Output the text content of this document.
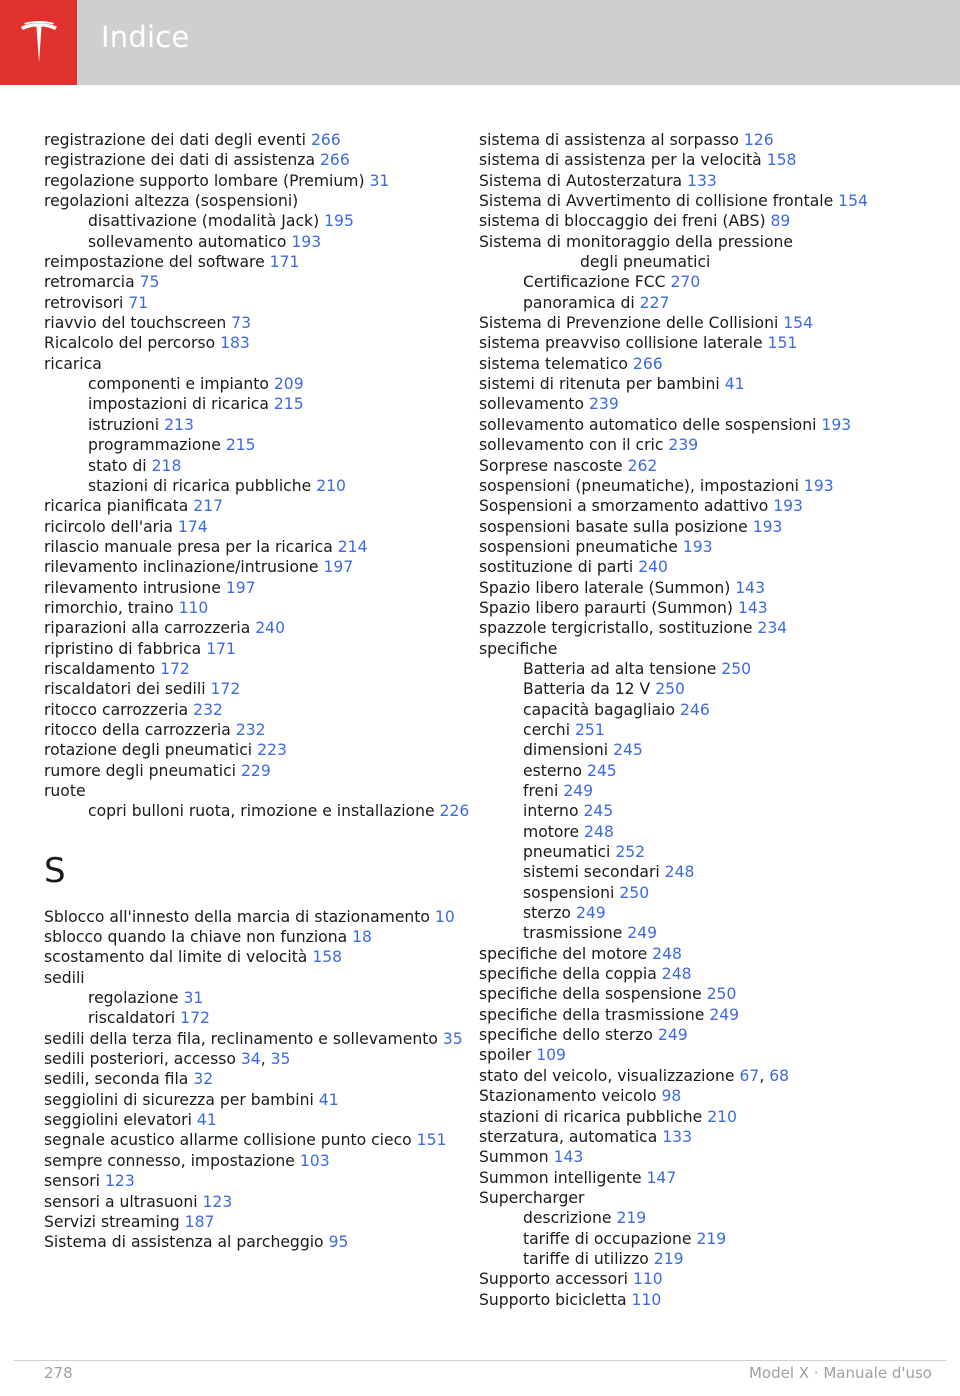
Indice
registrazione dei dati degli eventi 266
registrazione dei dati di assistenza 266
regolazione supporto lombare (Premium) 31
regolazioni altezza (sospensioni)
disattivazione (modalità Jack) 195
sollevamento automatico 193
reimpostazione del software 171
retromarcia 75
retrovisori 71
riavvio del touchscreen 73
Ricalcolo del percorso 183
ricarica
componenti e impianto 209
impostazioni di ricarica 215
istruzioni 213
programmazione 215
stato di 218
stazioni di ricarica pubbliche 210
ricarica pianificata 217
ricircolo dell'aria 174
rilascio manuale presa per la ricarica 214
rilevamento inclinazione/intrusione 197
rilevamento intrusione 197
rimorchio, traino 110
riparazioni alla carrozzeria 240
ripristino di fabbrica 171
riscaldamento 172
riscaldatori dei sedili 172
ritocco carrozzeria 232
ritocco della carrozzeria 232
rotazione degli pneumatici 223
rumore degli pneumatici 229
ruote
copri bulloni ruota, rimozione e installazione 226
S
Sblocco all'innesto della marcia di stazionamento 10
sblocco quando la chiave non funziona 18
scostamento dal limite di velocità 158
sedili
regolazione 31
riscaldatori 172
sedili della terza fila, reclinamento e sollevamento 35
sedili posteriori, accesso 34, 35
sedili, seconda fila 32
seggiolini di sicurezza per bambini 41
seggiolini elevatori 41
segnale acustico allarme collisione punto cieco 151
sempre connesso, impostazione 103
sensori 123
sensori a ultrasuoni 123
Servizi streaming 187
Sistema di assistenza al parcheggio 95
sistema di assistenza al sorpasso 126
sistema di assistenza per la velocità 158
Sistema di Autosterzatura 133
Sistema di Avvertimento di collisione frontale 154
sistema di bloccaggio dei freni (ABS) 89
Sistema di monitoraggio della pressione
degli pneumatici
Certificazione FCC 270
panoramica di 227
Sistema di Prevenzione delle Collisioni 154
sistema preavviso collisione laterale 151
sistema telematico 266
sistemi di ritenuta per bambini 41
sollevamento 239
sollevamento automatico delle sospensioni 193
sollevamento con il cric 239
Sorprese nascoste 262
sospensioni (pneumatiche), impostazioni 193
Sospensioni a smorzamento adattivo 193
sospensioni basate sulla posizione 193
sospensioni pneumatiche 193
sostituzione di parti 240
Spazio libero laterale (Summon) 143
Spazio libero paraurti (Summon) 143
spazzole tergicristallo, sostituzione 234
specifiche
Batteria ad alta tensione 250
Batteria da 12 V 250
capacità bagagliaio 246
cerchi 251
dimensioni 245
esterno 245
freni 249
interno 245
motore 248
pneumatici 252
sistemi secondari 248
sospensioni 250
sterzo 249
trasmissione 249
specifiche del motore 248
specifiche della coppia 248
specifiche della sospensione 250
specifiche della trasmissione 249
specifiche dello sterzo 249
spoiler 109
stato del veicolo, visualizzazione 67, 68
Stazionamento veicolo 98
stazioni di ricarica pubbliche 210
sterzatura, automatica 133
Summon 143
Summon intelligente 147
Supercharger
descrizione 219
tariffe di occupazione 219
tariffe di utilizzo 219
Supporto accessori 110
Supporto bicicletta 110
278	Model X · Manuale d'uso
